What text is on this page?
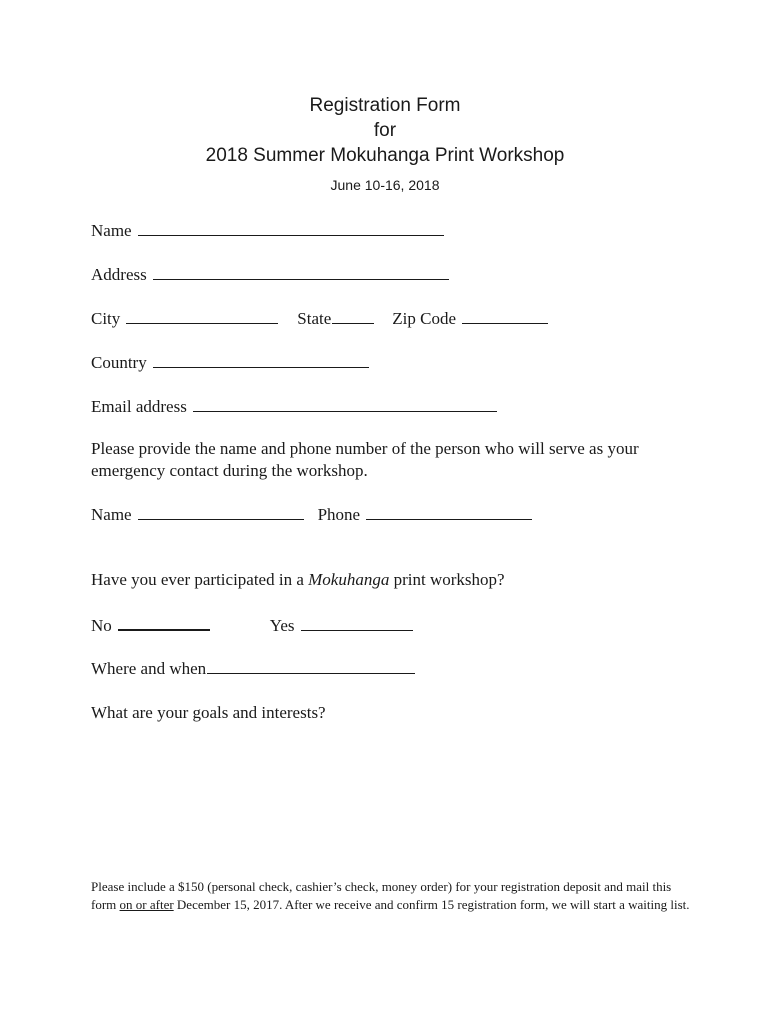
Registration Form
for
2018 Summer Mokuhanga Print Workshop
June 10-16, 2018
Name
Address
City	State	Zip Code
Country
Email address
Please provide the name and phone number of the person who will serve as your emergency contact during the workshop.
Name	Phone
Have you ever participated in a Mokuhanga print workshop?
No	Yes
Where and when
What are your goals and interests?
Please include a $150 (personal check, cashier’s check, money order) for your registration deposit and mail this form on or after December 15, 2017. After we receive and confirm 15 registration form, we will start a waiting list.
